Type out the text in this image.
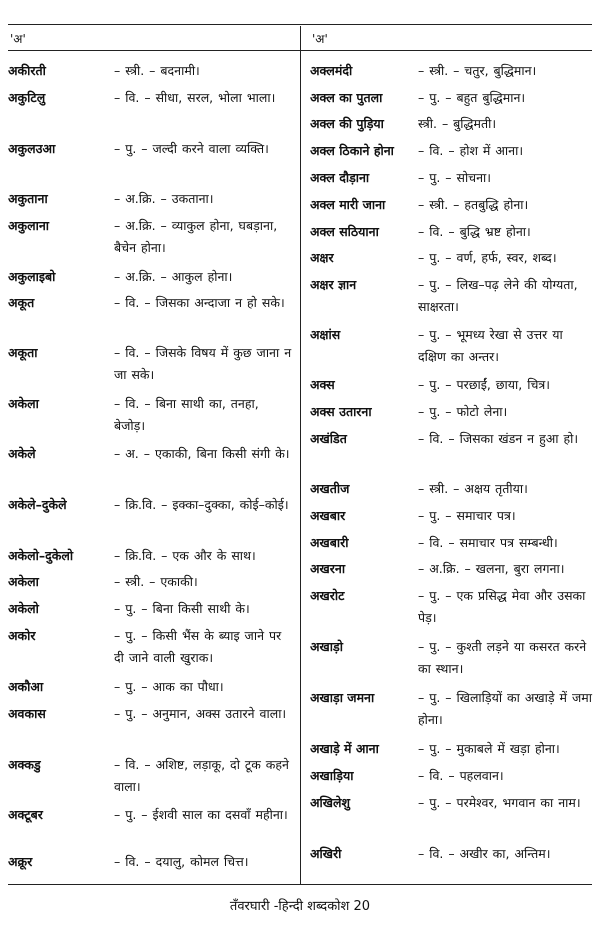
'अ'	'अ'
अकीरती	– स्त्री. – बदनामी।
अकुटिलु	– वि. – सीधा, सरल, भोला भाला।
अकुलउआ	– पु. – जल्दी करने वाला व्यक्ति।
अकुताना	– अ.क्रि. – उकताना।
अकुलाना	– अ.क्रि. – व्याकुल होना, घबड़ाना, बैचेन होना।
अकुलाइबो	– अ.क्रि. – आकुल होना।
अकूत	– वि. – जिसका अन्दाजा न हो सके।
अकूता	– वि. – जिसके विषय में कुछ जाना न जा सके।
अकेला	– वि. – बिना साथी का, तनहा, बेजोड़।
अकेले	– अ. – एकाकी, बिना किसी संगी के।
अकेले–दुकेले	– क्रि.वि. – इक्का–दुक्का, कोई–कोई।
अकेलो–दुकेलो	– क्रि.वि. – एक और के साथ।
अकेला	– स्त्री. – एकाकी।
अकेलो	– पु. – बिना किसी साथी के।
अकोर	– पु. – किसी भैंस के ब्याइ जाने पर दी जाने वाली खुराक।
अकौआ	– पु. – आक का पौधा।
अवकास	– पु. – अनुमान, अक्स उतारने वाला।
अक्कडु	– वि. – अशिष्ट, लड़ाकू, दो टूक कहने वाला।
अक्टूबर	– पु. – ईशवी साल का दसवाँ महीना।
अक्रूर	– वि. – दयालु, कोमल चित्त।
अक्लमंदी	– स्त्री. – चतुर, बुद्धिमान।
अक्ल का पुतला	– पु. – बहुत बुद्धिमान।
अक्ल की पुड़िया	स्त्री. – बुद्धिमती।
अक्ल ठिकाने होना – वि. – होश में आना।
अक्ल दौड़ाना	– पु. – सोचना।
अक्ल मारी जाना	– स्त्री. – हतबुद्धि होना।
अक्ल सठियाना	– वि. – बुद्धि भ्रष्ट होना।
अक्षर	– पु. – वर्ण, हर्फ, स्वर, शब्द।
अक्षर ज्ञान	– पु. – लिख–पढ़ लेने की योग्यता, साक्षरता।
अक्षांस	– पु. – भूमध्य रेखा से उत्तर या दक्षिण का अन्तर।
अक्स	– पु. – परछाईं, छाया, चित्र।
अक्स उतारना	– पु. – फोटो लेना।
अखंडित	– वि. – जिसका खंडन न हुआ हो।
अखतीज	– स्त्री. – अक्षय तृतीया।
अखबार	– पु. – समाचार पत्र।
अखबारी	– वि. – समाचार पत्र सम्बन्धी।
अखरना	– अ.क्रि. – खलना, बुरा लगना।
अखरोट	– पु. – एक प्रसिद्ध मेवा और उसका पेड़।
अखाड़ो	– पु. – कुश्ती लड़ने या कसरत करने का स्थान।
अखाड़ा जमना	– पु. – खिलाड़ियों का अखाड़े में जमा होना।
अखाड़े में आना	– पु. – मुकाबले में खड़ा होना।
अखाड़िया	– वि. – पहलवान।
अखिलेशु	– पु. – परमेश्वर, भगवान का नाम।
अखिरी	– वि. – अखीर का, अन्तिम।
तँवरघारी -हिन्दी शब्दकोश 20
